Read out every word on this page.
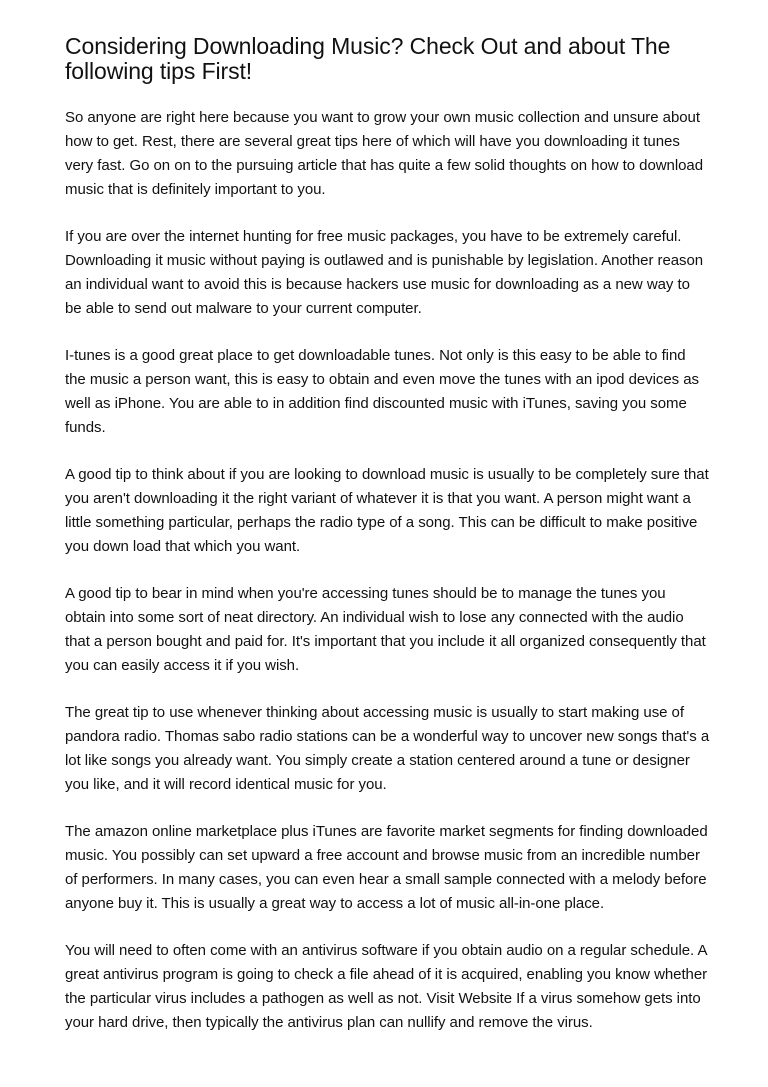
Considering Downloading Music? Check Out and about The following tips First!

So anyone are right here because you want to grow your own music collection and unsure about how to get. Rest, there are several great tips here of which will have you downloading it tunes very fast. Go on on to the pursuing article that has quite a few solid thoughts on how to download music that is definitely important to you.

If you are over the internet hunting for free music packages, you have to be extremely careful. Downloading it music without paying is outlawed and is punishable by legislation. Another reason an individual want to avoid this is because hackers use music for downloading as a new way to be able to send out malware to your current computer.

I-tunes is a good great place to get downloadable tunes. Not only is this easy to be able to find the music a person want, this is easy to obtain and even move the tunes with an ipod devices as well as iPhone. You are able to in addition find discounted music with iTunes, saving you some funds.

A good tip to think about if you are looking to download music is usually to be completely sure that you aren't downloading it the right variant of whatever it is that you want. A person might want a little something particular, perhaps the radio type of a song. This can be difficult to make positive you down load that which you want.

A good tip to bear in mind when you're accessing tunes should be to manage the tunes you obtain into some sort of neat directory. An individual wish to lose any connected with the audio that a person bought and paid for. It's important that you include it all organized consequently that you can easily access it if you wish.

The great tip to use whenever thinking about accessing music is usually to start making use of pandora radio. Thomas sabo radio stations can be a wonderful way to uncover new songs that's a lot like songs you already want. You simply create a station centered around a tune or designer you like, and it will record identical music for you.

The amazon online marketplace plus iTunes are favorite market segments for finding downloaded music. You possibly can set upward a free account and browse music from an incredible number of performers. In many cases, you can even hear a small sample connected with a melody before anyone buy it. This is usually a great way to access a lot of music all-in-one place.

You will need to often come with an antivirus software if you obtain audio on a regular schedule. A great antivirus program is going to check a file ahead of it is acquired, enabling you know whether the particular virus includes a pathogen as well as not. Visit Website If a virus somehow gets into your hard drive, then typically the antivirus plan can nullify and remove the virus.
